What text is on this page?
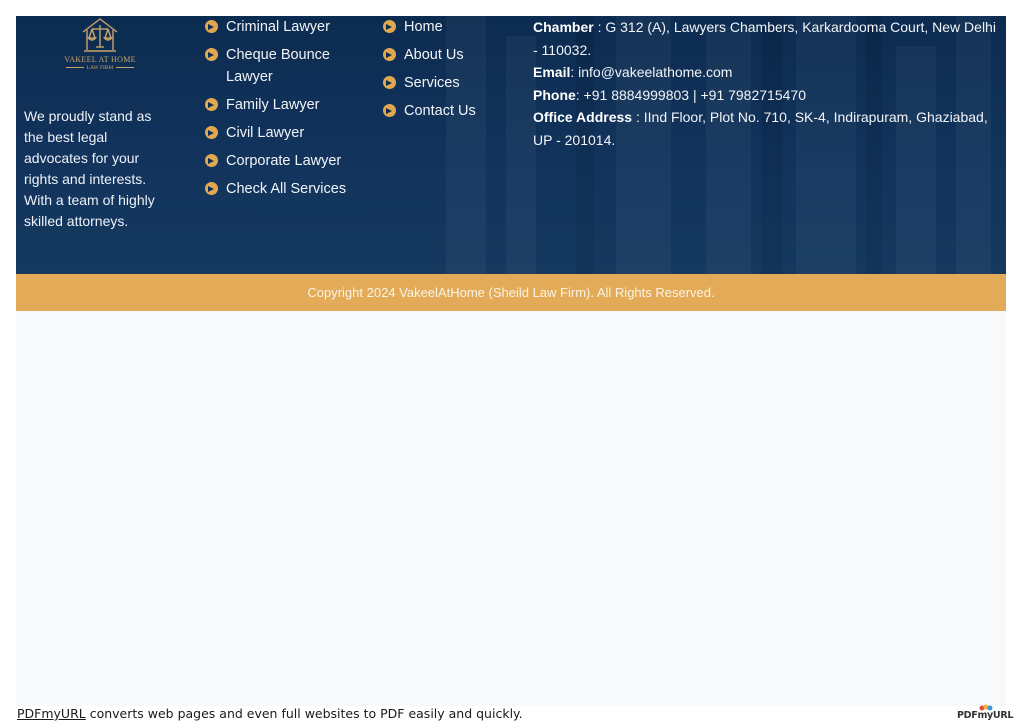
VAKEEL AT HOME
LAW FIRM
We proudly stand as the best legal advocates for your rights and interests. With a team of highly skilled attorneys.
Criminal Lawyer
Cheque Bounce Lawyer
Family Lawyer
Civil Lawyer
Corporate Lawyer
Check All Services
Home
About Us
Services
Contact Us
Chamber : G 312 (A), Lawyers Chambers, Karkardooma Court, New Delhi - 110032.
Email: info@vakeelathome.com
Phone: +91 8884999803 | +91 7982715470
Office Address : IInd Floor, Plot No. 710, SK-4, Indirapuram, Ghaziabad, UP - 201014.

Copyright 2024 VakeelAtHome (Sheild Law Firm). All Rights Reserved.

PDFmyURL converts web pages and even full websites to PDF easily and quickly.	PDFmyURL
